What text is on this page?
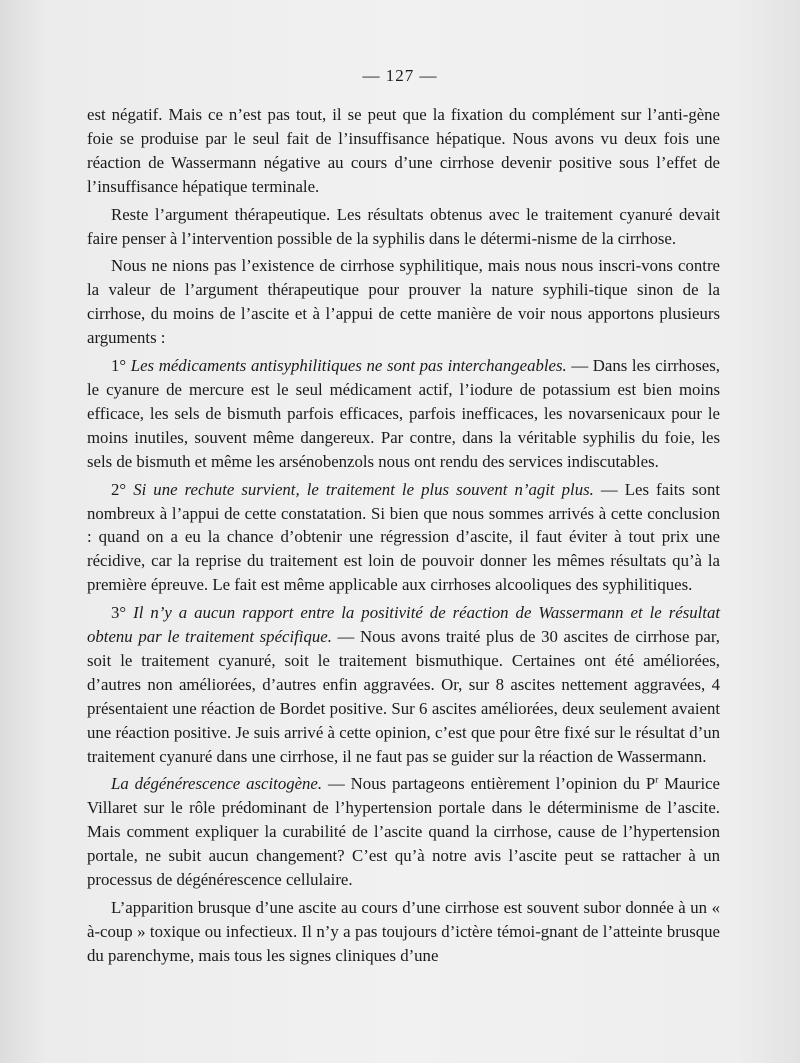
— 127 —

est négatif. Mais ce n’est pas tout, il se peut que la fixation du complément sur l’anti-gène foie se produise par le seul fait de l’insuffisance hépatique. Nous avons vu deux fois une réaction de Wassermann négative au cours d’une cirrhose devenir positive sous l’effet de l’insuffisance hépatique terminale.

Reste l’argument thérapeutique. Les résultats obtenus avec le traitement cyanuré devait faire penser à l’intervention possible de la syphilis dans le détermi-nisme de la cirrhose.

Nous ne nions pas l’existence de cirrhose syphilitique, mais nous nous inscri-vons contre la valeur de l’argument thérapeutique pour prouver la nature syphili-tique sinon de la cirrhose, du moins de l’ascite et à l’appui de cette manière de voir nous apportons plusieurs arguments :

1° Les médicaments antisyphilitiques ne sont pas interchangeables. — Dans les cirrhoses, le cyanure de mercure est le seul médicament actif, l’iodure de potassium est bien moins efficace, les sels de bismuth parfois efficaces, parfois inefficaces, les novarsenicaux pour le moins inutiles, souvent même dangereux. Par contre, dans la véritable syphilis du foie, les sels de bismuth et même les arsénobenzols nous ont rendu des services indiscutables.

2° Si une rechute survient, le traitement le plus souvent n’agit plus. — Les faits sont nombreux à l’appui de cette constatation. Si bien que nous sommes arrivés à cette conclusion : quand on a eu la chance d’obtenir une régression d’ascite, il faut éviter à tout prix une récidive, car la reprise du traitement est loin de pouvoir donner les mêmes résultats qu’à la première épreuve. Le fait est même applicable aux cirrhoses alcooliques des syphilitiques.

3° Il n’y a aucun rapport entre la positivité de réaction de Wassermann et le résultat obtenu par le traitement spécifique. — Nous avons traité plus de 30 ascites de cirrhose par, soit le traitement cyanuré, soit le traitement bismuthique. Certaines ont été améliorées, d’autres non améliorées, d’autres enfin aggravées. Or, sur 8 ascites nettement aggravées, 4 présentaient une réaction de Bordet positive. Sur 6 ascites améliorées, deux seulement avaient une réaction positive. Je suis arrivé à cette opinion, c’est que pour être fixé sur le résultat d’un traitement cyanuré dans une cirrhose, il ne faut pas se guider sur la réaction de Wassermann.

La dégénérescence ascitogène. — Nous partageons entièrement l’opinion du $P^r$ Maurice Villaret sur le rôle prédominant de l’hypertension portale dans le déterminisme de l’ascite. Mais comment expliquer la curabilité de l’ascite quand la cirrhose, cause de l’hypertension portale, ne subit aucun changement? C’est qu’à notre avis l’ascite peut se rattacher à un processus de dégénérescence cellulaire.

L’apparition brusque d’une ascite au cours d’une cirrhose est souvent subor donnée à un « à-coup » toxique ou infectieux. Il n’y a pas toujours d’ictère témoi-gnant de l’atteinte brusque du parenchyme, mais tous les signes cliniques d’une
